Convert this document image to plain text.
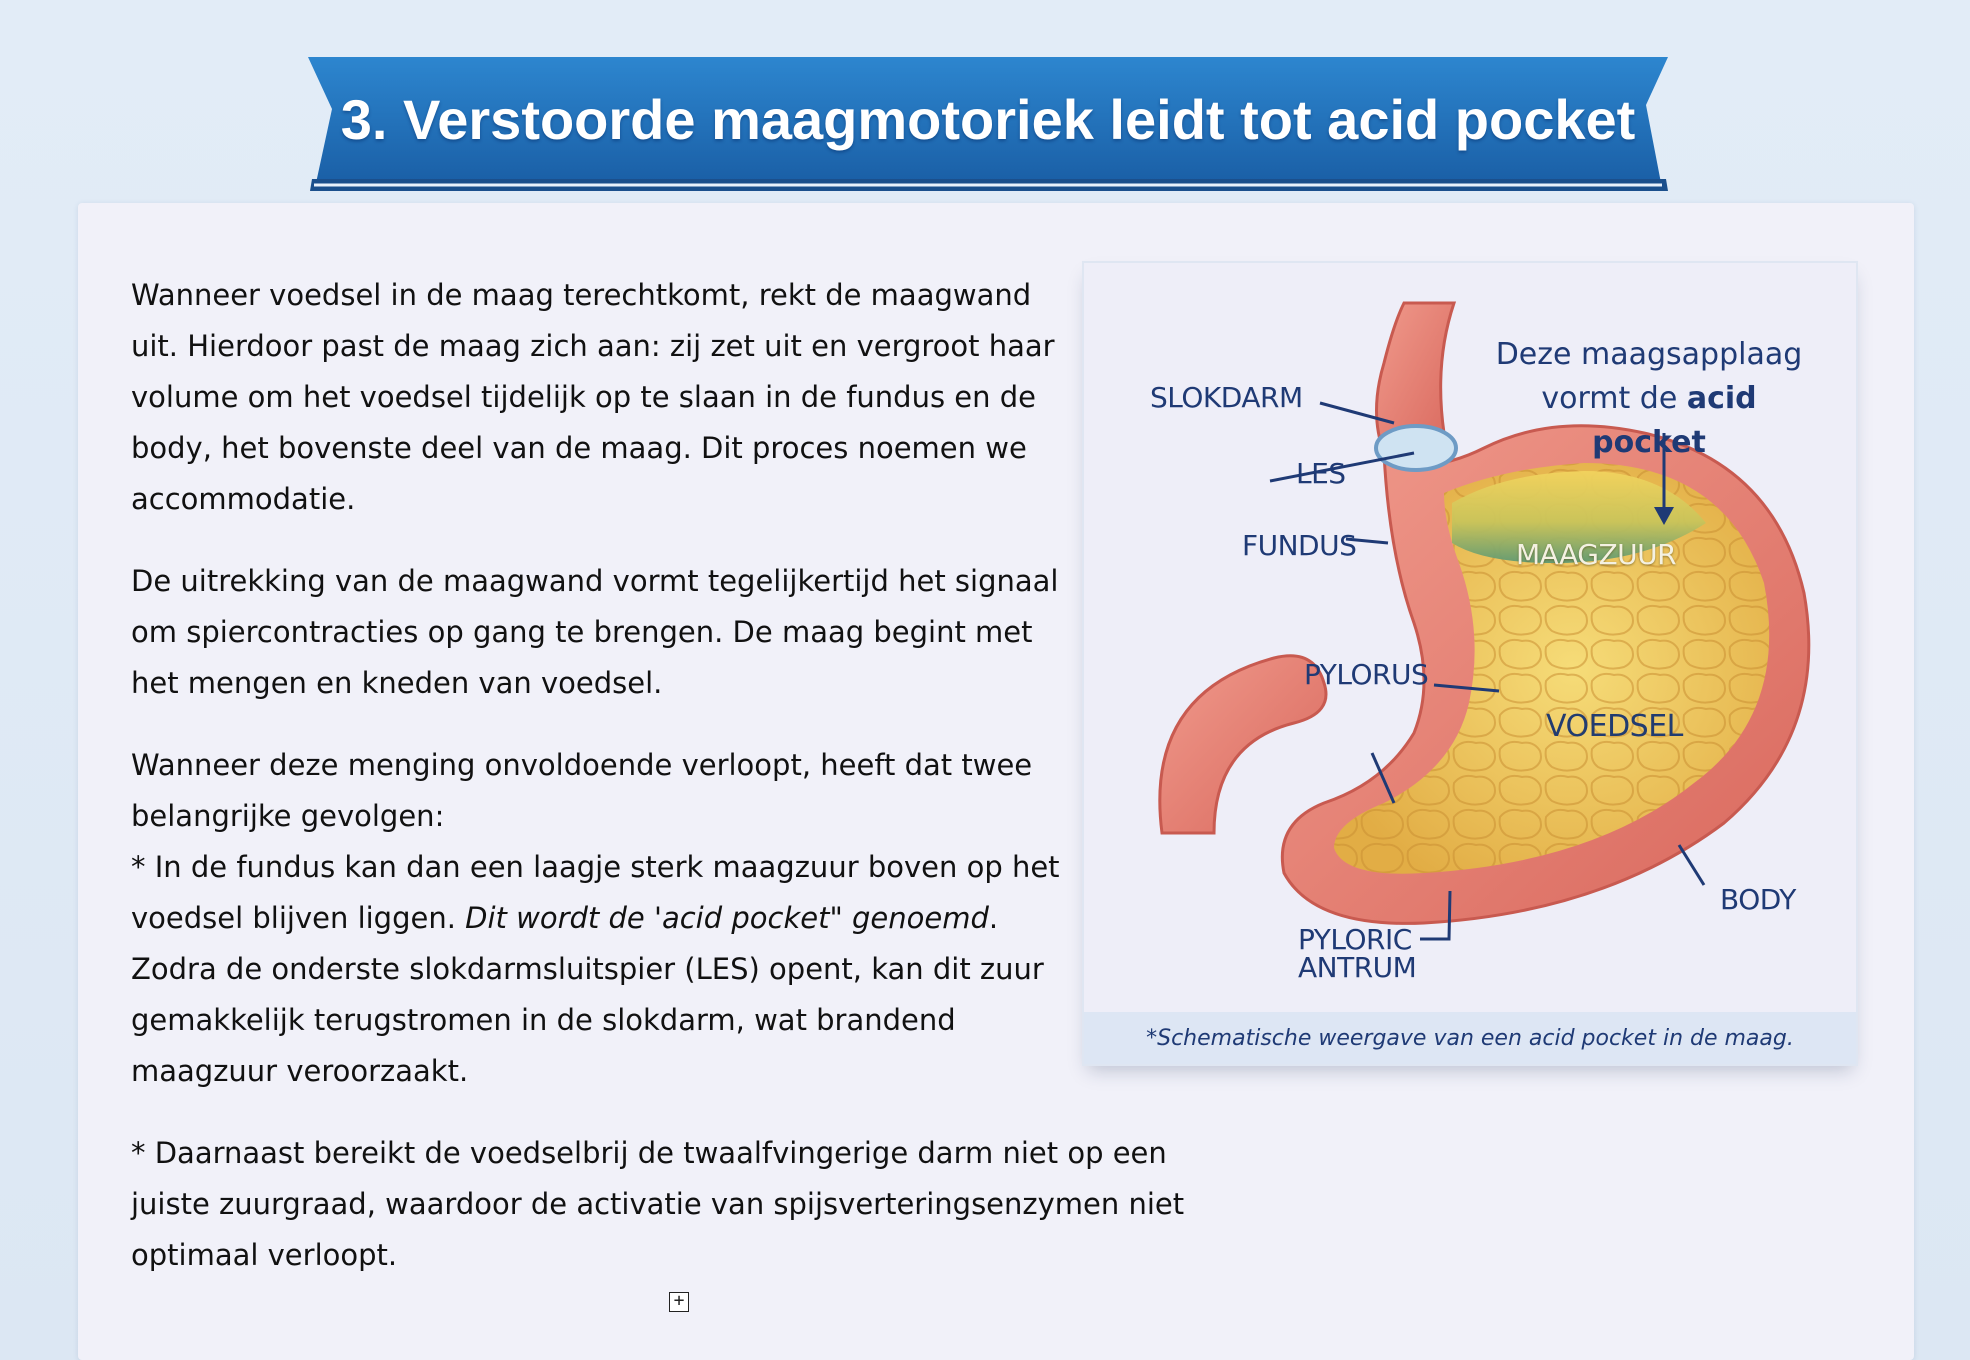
3. Verstoorde maagmotoriek leidt tot acid pocket

Wanneer voedsel in de maag terechtkomt, rekt de maagwand uit. Hierdoor past de maag zich aan: zij zet uit en vergroot haar volume om het voedsel tijdelijk op te slaan in de fundus en de body, het bovenste deel van de maag. Dit proces noemen we accommodatie.

De uitrekking van de maagwand vormt tegelijkertijd het signaal om spiercontracties op gang te brengen. De maag begint met het mengen en kneden van voedsel.

Wanneer deze menging onvoldoende verloopt, heeft dat twee belangrijke gevolgen:
* In de fundus kan dan een laagje sterk maagzuur boven op het voedsel blijven liggen. Dit wordt de 'acid pocket" genoemd. Zodra de onderste slokdarmsluitspier (LES) opent, kan dit zuur gemakkelijk terugstromen in de slokdarm, wat brandend maagzuur veroorzaakt.

* Daarnaast bereikt de voedselbrij de twaalfvingerige darm niet op een juiste zuurgraad, waardoor de activatie van spijsverteringsenzymen niet optimaal verloopt.

Deze maagsapplaag
vormt de acid pocket
SLOKDARM
LES
FUNDUS	MAAGZUUR
PYLORUS
VOEDSEL
BODY
PYLORIC
ANTRUM
*Schematische weergave van een acid pocket in de maag.
+
